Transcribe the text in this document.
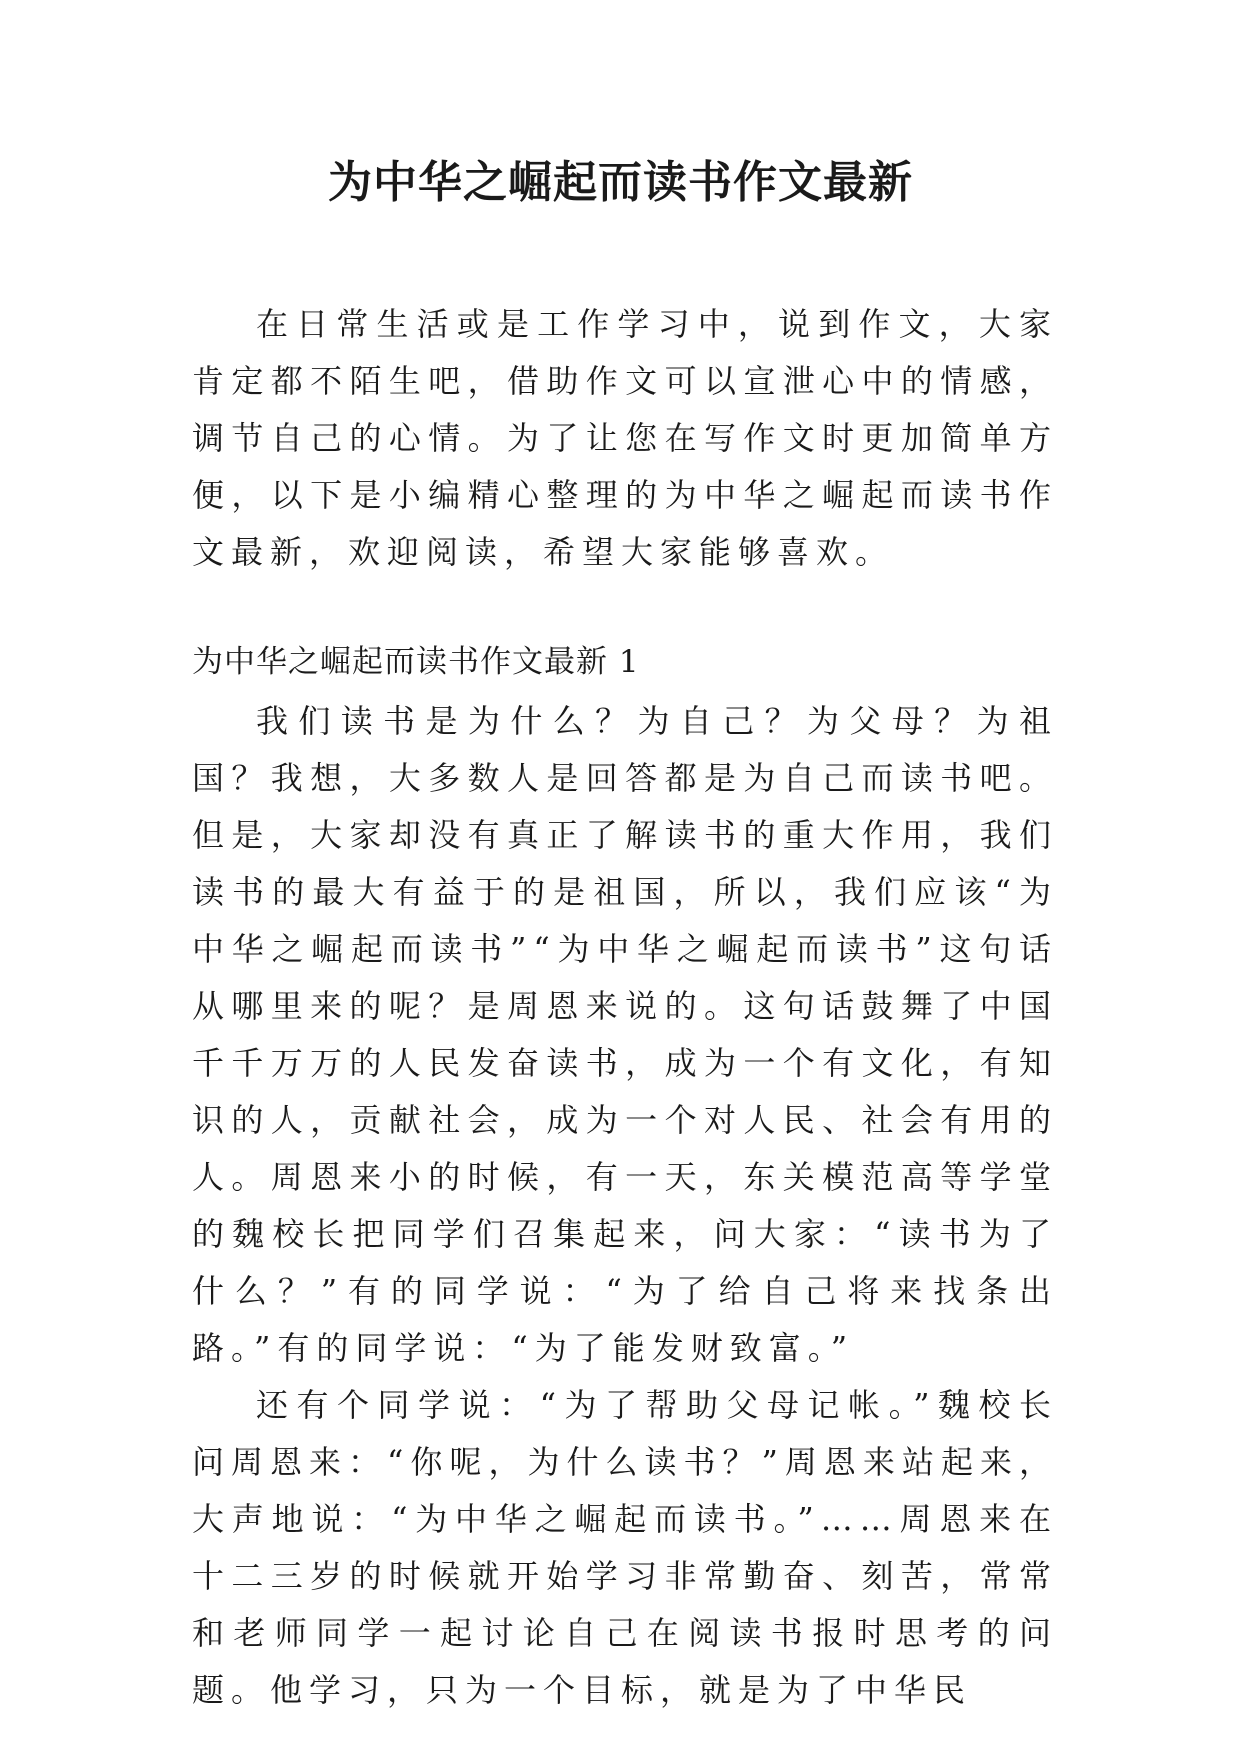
为中华之崛起而读书作文最新

在日常生活或是工作学习中，说到作文，大家肯定都不陌生吧，借助作文可以宣泄心中的情感，调节自己的心情。为了让您在写作文时更加简单方便，以下是小编精心整理的为中华之崛起而读书作文最新，欢迎阅读，希望大家能够喜欢。

为中华之崛起而读书作文最新 1

我们读书是为什么？为自己？为父母？为祖国？我想，大多数人是回答都是为自己而读书吧。但是，大家却没有真正了解读书的重大作用，我们读书的最大有益于的是祖国，所以，我们应该“为中华之崛起而读书”“为中华之崛起而读书”这句话从哪里来的呢？是周恩来说的。这句话鼓舞了中国千千万万的人民发奋读书，成为一个有文化，有知识的人，贡献社会，成为一个对人民、社会有用的人。周恩来小的时候，有一天，东关模范高等学堂的魏校长把同学们召集起来，问大家：“读书为了什么？”有的同学说：“为了给自己将来找条出路。”有的同学说：“为了能发财致富。”

还有个同学说：“为了帮助父母记帐。”魏校长问周恩来：“你呢，为什么读书？”周恩来站起来，大声地说：“为中华之崛起而读书。”……周恩来在十二三岁的时候就开始学习非常勤奋、刻苦，常常和老师同学一起讨论自己在阅读书报时思考的问题。他学习，只为一个目标，就是为了中华民
